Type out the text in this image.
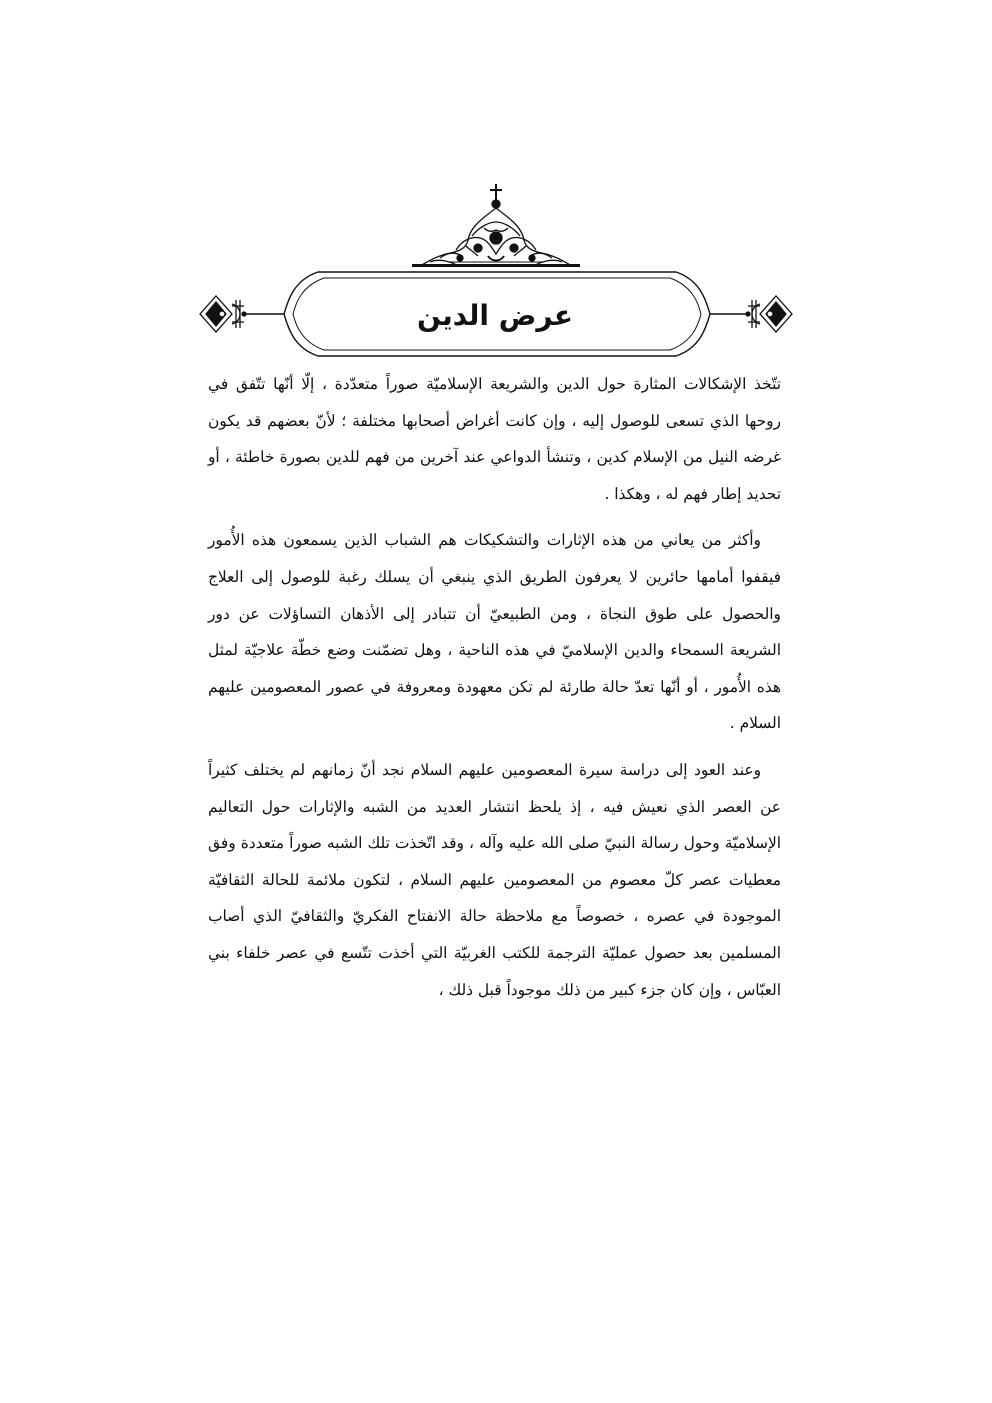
عرض الدين

تتّخذ الإشكالات المثارة حول الدين والشريعة الإسلاميّة صوراً متعدّدة ، إلّا أنّها تتّفق في روحها الذي تسعى للوصول إليه ، وإن كانت أغراض أصحابها مختلفة ؛ لأنّ بعضهم قد يكون غرضه النيل من الإسلام كدين ، وتنشأ الدواعي عند آخرين من فهم للدين بصورة خاطئة ، أو تحديد إطار فهم له ، وهكذا .

وأكثر من يعاني من هذه الإثارات والتشكيكات هم الشباب الذين يسمعون هذه الأُمور فيقفوا أمامها حائرين لا يعرفون الطريق الذي ينبغي أن يسلك رغبة للوصول إلى العلاج والحصول على طوق النجاة ، ومن الطبيعيّ أن تتبادر إلى الأذهان التساؤلات عن دور الشريعة السمحاء والدين الإسلاميّ في هذه الناحية ، وهل تضمّنت وضع خطّة علاجيّة لمثل هذه الأُمور ، أو أنّها تعدّ حالة طارئة لم تكن معهودة ومعروفة في عصور المعصومين عليهم السلام .

وعند العود إلى دراسة سيرة المعصومين عليهم السلام نجد أنّ زمانهم لم يختلف كثيراً عن العصر الذي نعيش فيه ، إذ يلحظ انتشار العديد من الشبه والإثارات حول التعاليم الإسلاميّة وحول رسالة النبيّ صلى الله عليه وآله ، وقد اتّخذت تلك الشبه صوراً متعددة وفق معطيات عصر كلّ معصوم من المعصومين عليهم السلام ، لتكون ملائمة للحالة الثقافيّة الموجودة في عصره ، خصوصاً مع ملاحظة حالة الانفتاح الفكريّ والثقافيّ الذي أصاب المسلمين بعد حصول عمليّة الترجمة للكتب الغربيّة التي أخذت تتّسع في عصر خلفاء بني العبّاس ، وإن كان جزء كبير من ذلك موجوداً قبل ذلك ،
